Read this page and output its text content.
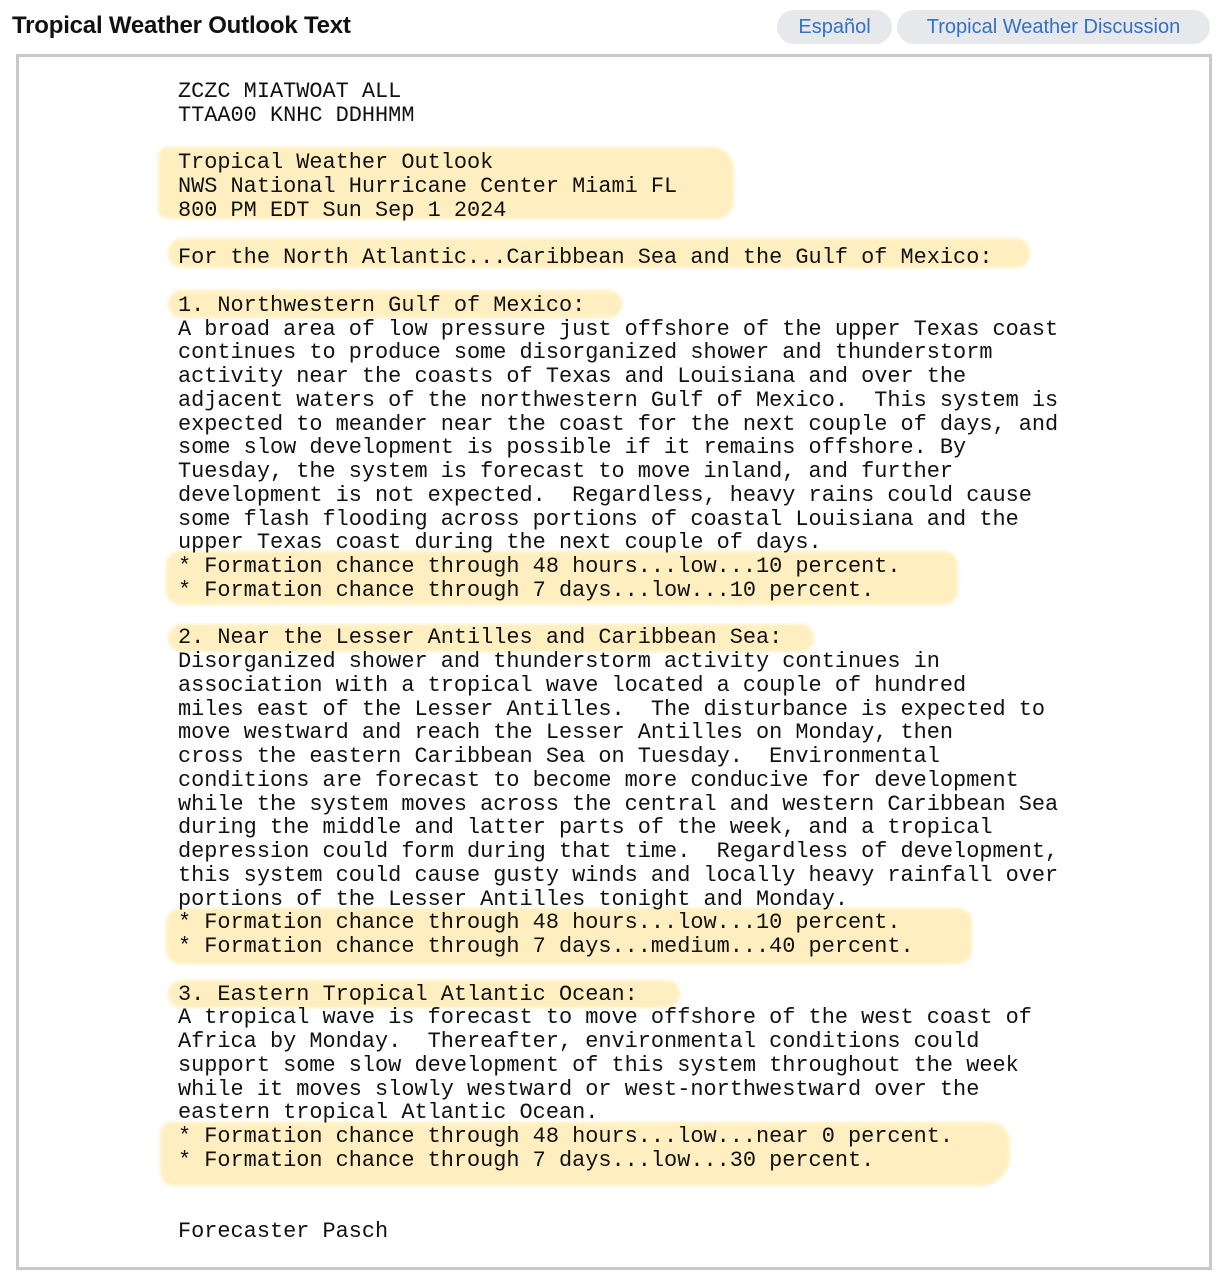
Tropical Weather Outlook Text	Español	Tropical Weather Discussion
ZCZC MIATWOAT ALL
TTAA00 KNHC DDHHMM

Tropical Weather Outlook
NWS National Hurricane Center Miami FL
800 PM EDT Sun Sep 1 2024

For the North Atlantic...Caribbean Sea and the Gulf of Mexico:

1. Northwestern Gulf of Mexico:
A broad area of low pressure just offshore of the upper Texas coast
continues to produce some disorganized shower and thunderstorm
activity near the coasts of Texas and Louisiana and over the
adjacent waters of the northwestern Gulf of Mexico.  This system is
expected to meander near the coast for the next couple of days, and
some slow development is possible if it remains offshore. By
Tuesday, the system is forecast to move inland, and further
development is not expected.  Regardless, heavy rains could cause
some flash flooding across portions of coastal Louisiana and the
upper Texas coast during the next couple of days.
* Formation chance through 48 hours...low...10 percent.
* Formation chance through 7 days...low...10 percent.

2. Near the Lesser Antilles and Caribbean Sea:
Disorganized shower and thunderstorm activity continues in
association with a tropical wave located a couple of hundred
miles east of the Lesser Antilles.  The disturbance is expected to
move westward and reach the Lesser Antilles on Monday, then
cross the eastern Caribbean Sea on Tuesday.  Environmental
conditions are forecast to become more conducive for development
while the system moves across the central and western Caribbean Sea
during the middle and latter parts of the week, and a tropical
depression could form during that time.  Regardless of development,
this system could cause gusty winds and locally heavy rainfall over
portions of the Lesser Antilles tonight and Monday.
* Formation chance through 48 hours...low...10 percent.
* Formation chance through 7 days...medium...40 percent.

3. Eastern Tropical Atlantic Ocean:
A tropical wave is forecast to move offshore of the west coast of
Africa by Monday.  Thereafter, environmental conditions could
support some slow development of this system throughout the week
while it moves slowly westward or west-northwestward over the
eastern tropical Atlantic Ocean.
* Formation chance through 48 hours...low...near 0 percent.
* Formation chance through 7 days...low...30 percent.

Forecaster Pasch
